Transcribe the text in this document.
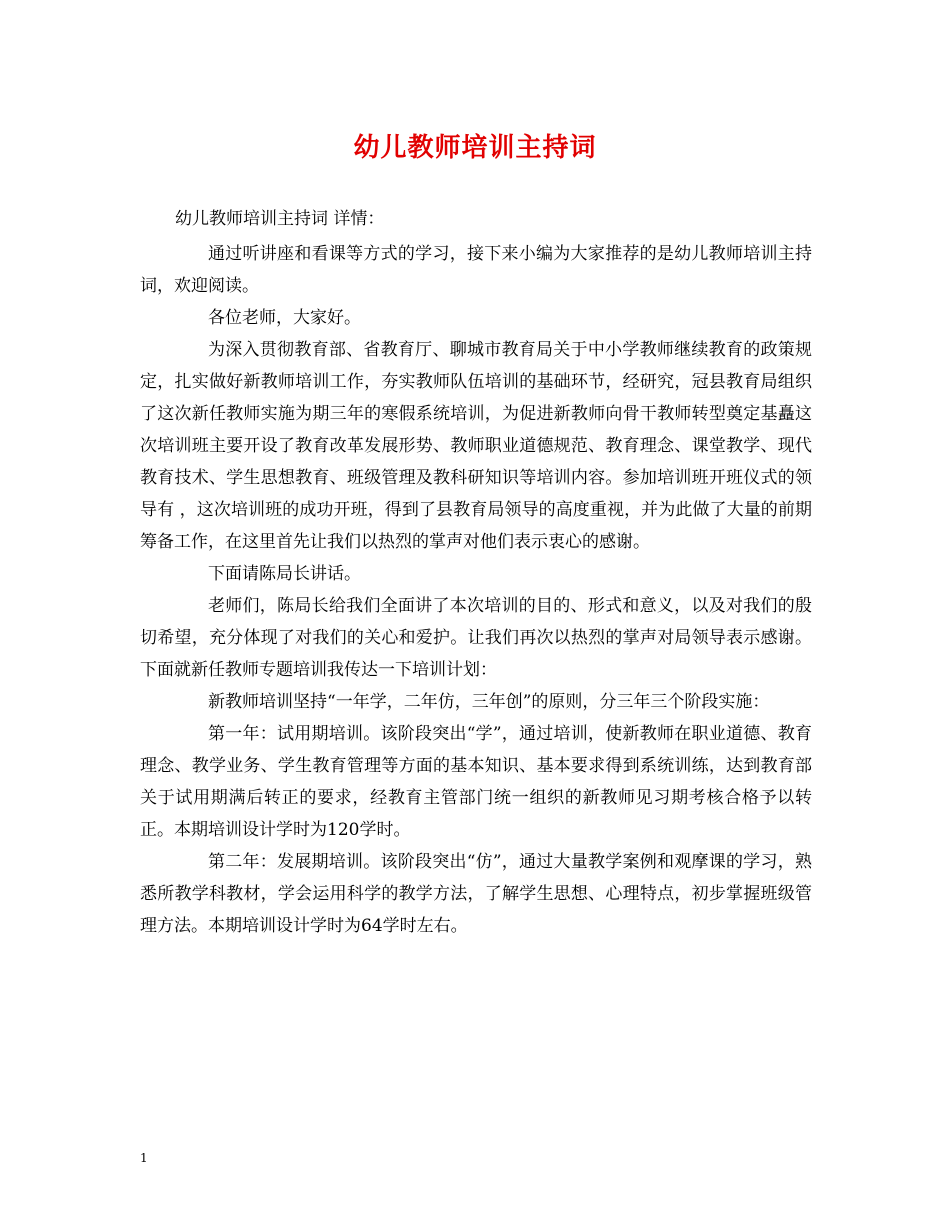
幼儿教师培训主持词
幼儿教师培训主持词 详情：

通过听讲座和看课等方式的学习，接下来小编为大家推荐的是幼儿教师培训主持词，欢迎阅读。

各位老师，大家好。

为深入贯彻教育部、省教育厅、聊城市教育局关于中小学教师继续教育的政策规定，扎实做好新教师培训工作，夯实教师队伍培训的基础环节，经研究，冠县教育局组织了这次新任教师实施为期三年的寒假系统培训，为促进新教师向骨干教师转型奠定基矗这次培训班主要开设了教育改革发展形势、教师职业道德规范、教育理念、课堂教学、现代教育技术、学生思想教育、班级管理及教科研知识等培训内容。参加培训班开班仪式的领导有 ，这次培训班的成功开班，得到了县教育局领导的高度重视，并为此做了大量的前期筹备工作，在这里首先让我们以热烈的掌声对他们表示衷心的感谢。

下面请陈局长讲话。

老师们，陈局长给我们全面讲了本次培训的目的、形式和意义，以及对我们的殷切希望，充分体现了对我们的关心和爱护。让我们再次以热烈的掌声对局领导表示感谢。下面就新任教师专题培训我传达一下培训计划：

新教师培训坚持“一年学，二年仿，三年创”的原则，分三年三个阶段实施：

第一年：试用期培训。该阶段突出“学”，通过培训，使新教师在职业道德、教育理念、教学业务、学生教育管理等方面的基本知识、基本要求得到系统训练，达到教育部关于试用期满后转正的要求，经教育主管部门统一组织的新教师见习期考核合格予以转正。本期培训设计学时为120学时。

第二年：发展期培训。该阶段突出“仿”，通过大量教学案例和观摩课的学习，熟悉所教学科教材，学会运用科学的教学方法，了解学生思想、心理特点，初步掌握班级管理方法。本期培训设计学时为64学时左右。

1
